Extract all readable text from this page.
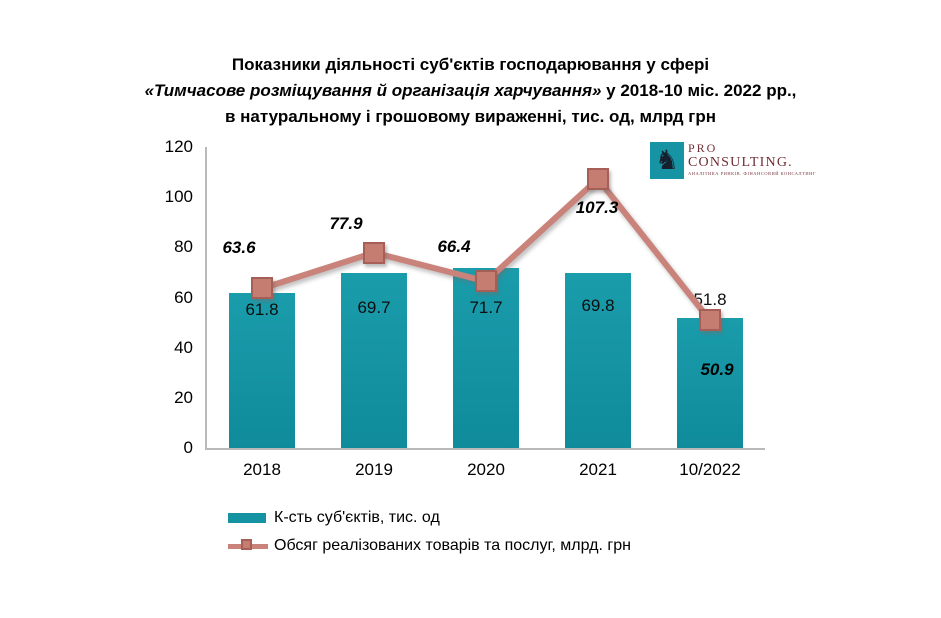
Показники діяльності суб'єктів господарювання у сфері
«Тимчасове розміщування й організація харчування» у 2018-10 міс. 2022 рр.,
в натуральному і грошовому вираженні, тис. од, млрд грн
♞ PRO
CONSULTING.
АНАЛІТИКА РИНКІВ. ФІНАНСОВИЙ КОНСАЛТИНГ
0
20
40
60
80
100
120
2018	2019	2020	2021	10/2022
61.8	69.7	71.7	69.8	51.8
63.6
77.9
66.4
107.3
50.9
К-сть суб'єктів, тис. од
Обсяг реалізованих товарів та послуг, млрд. грн
